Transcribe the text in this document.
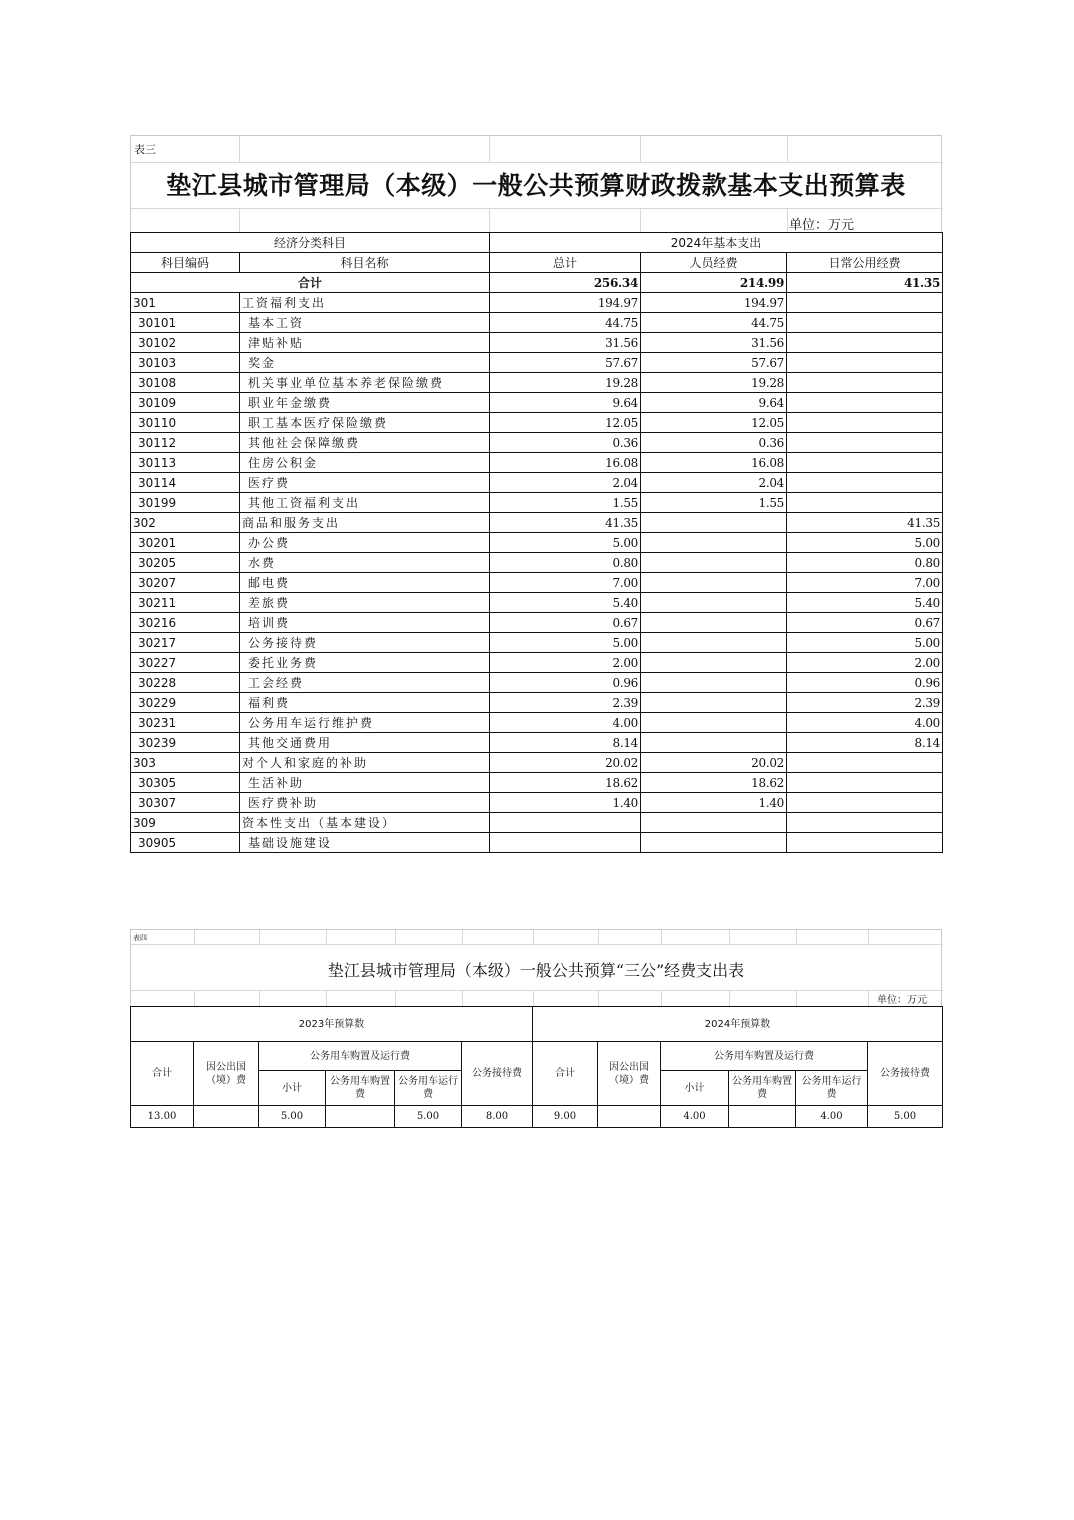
表三
垫江县城市管理局（本级）一般公共预算财政拨款基本支出预算表
单位：万元
经济分类科目		2024年基本支出		
科目编码	科目名称	总计	人员经费	日常公用经费
合计		256.34	214.99	41.35
301	工资福利支出	194.97	194.97	
30101	基本工资	44.75	44.75	
30102	津贴补贴	31.56	31.56	
30103	奖金	57.67	57.67	
30108	机关事业单位基本养老保险缴费	19.28	19.28	
30109	职业年金缴费	9.64	9.64	
30110	职工基本医疗保险缴费	12.05	12.05	
30112	其他社会保障缴费	0.36	0.36	
30113	住房公积金	16.08	16.08	
30114	医疗费	2.04	2.04	
30199	其他工资福利支出	1.55	1.55	
302	商品和服务支出	41.35		41.35
30201	办公费	5.00		5.00
30205	水费	0.80		0.80
30207	邮电费	7.00		7.00
30211	差旅费	5.40		5.40
30216	培训费	0.67		0.67
30217	公务接待费	5.00		5.00
30227	委托业务费	2.00		2.00
30228	工会经费	0.96		0.96
30229	福利费	2.39		2.39
30231	公务用车运行维护费	4.00		4.00
30239	其他交通费用	8.14		8.14
303	对个人和家庭的补助	20.02	20.02	
30305	生活补助	18.62	18.62	
30307	医疗费补助	1.40	1.40	
309	资本性支出（基本建设）			
30905	基础设施建设			
表四
垫江县城市管理局（本级）一般公共预算“三公”经费支出表
单位：万元
2023年预算数						2024年预算数					
合计	因公出国（境）费	公务用车购置及运行费			公务接待费	合计	因公出国（境）费	公务用车购置及运行费			公务接待费
		小计	公务用车购置费	公务用车运行费				小计	公务用车购置费	公务用车运行费	
13.00		5.00		5.00	8.00	9.00		4.00		4.00	5.00
